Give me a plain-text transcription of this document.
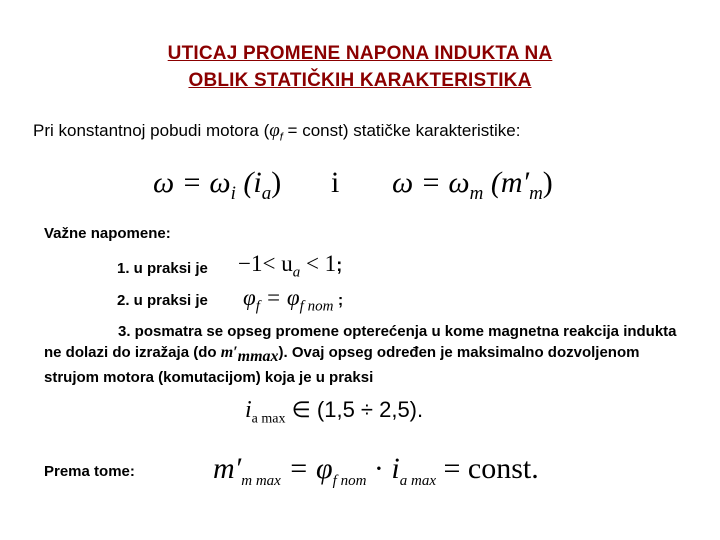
UTICAJ PROMENE NAPONA INDUKTA NA
OBLIK STATIČKIH KARAKTERISTIKA
Pri konstantnoj pobudi motora ($\varphi_f$ = const) statičke karakteristike:
$\omega = \omega_i$ $(i_a)$ i $\omega = \omega_m$ $(m'_m)$
Važne napomene:
1. u praksi je $-1< u_a < 1$;
2. u praksi je $\varphi_f = \varphi_{f nom}$ ;
3. posmatra se opseg promene opterećenja u kome magnetna reakcija indukta ne dolazi do izražaja (do $m'_{mmax}$). Ovaj opseg određen je maksimalno dozvoljenom strujom motora (komutacijom) koja je u praksi
$i_{a max}$ ∈ (1,5 ÷ 2,5).
Prema tome:	$m'_{m max} = \varphi_{f nom} \cdot i_{a max}$ = const.
